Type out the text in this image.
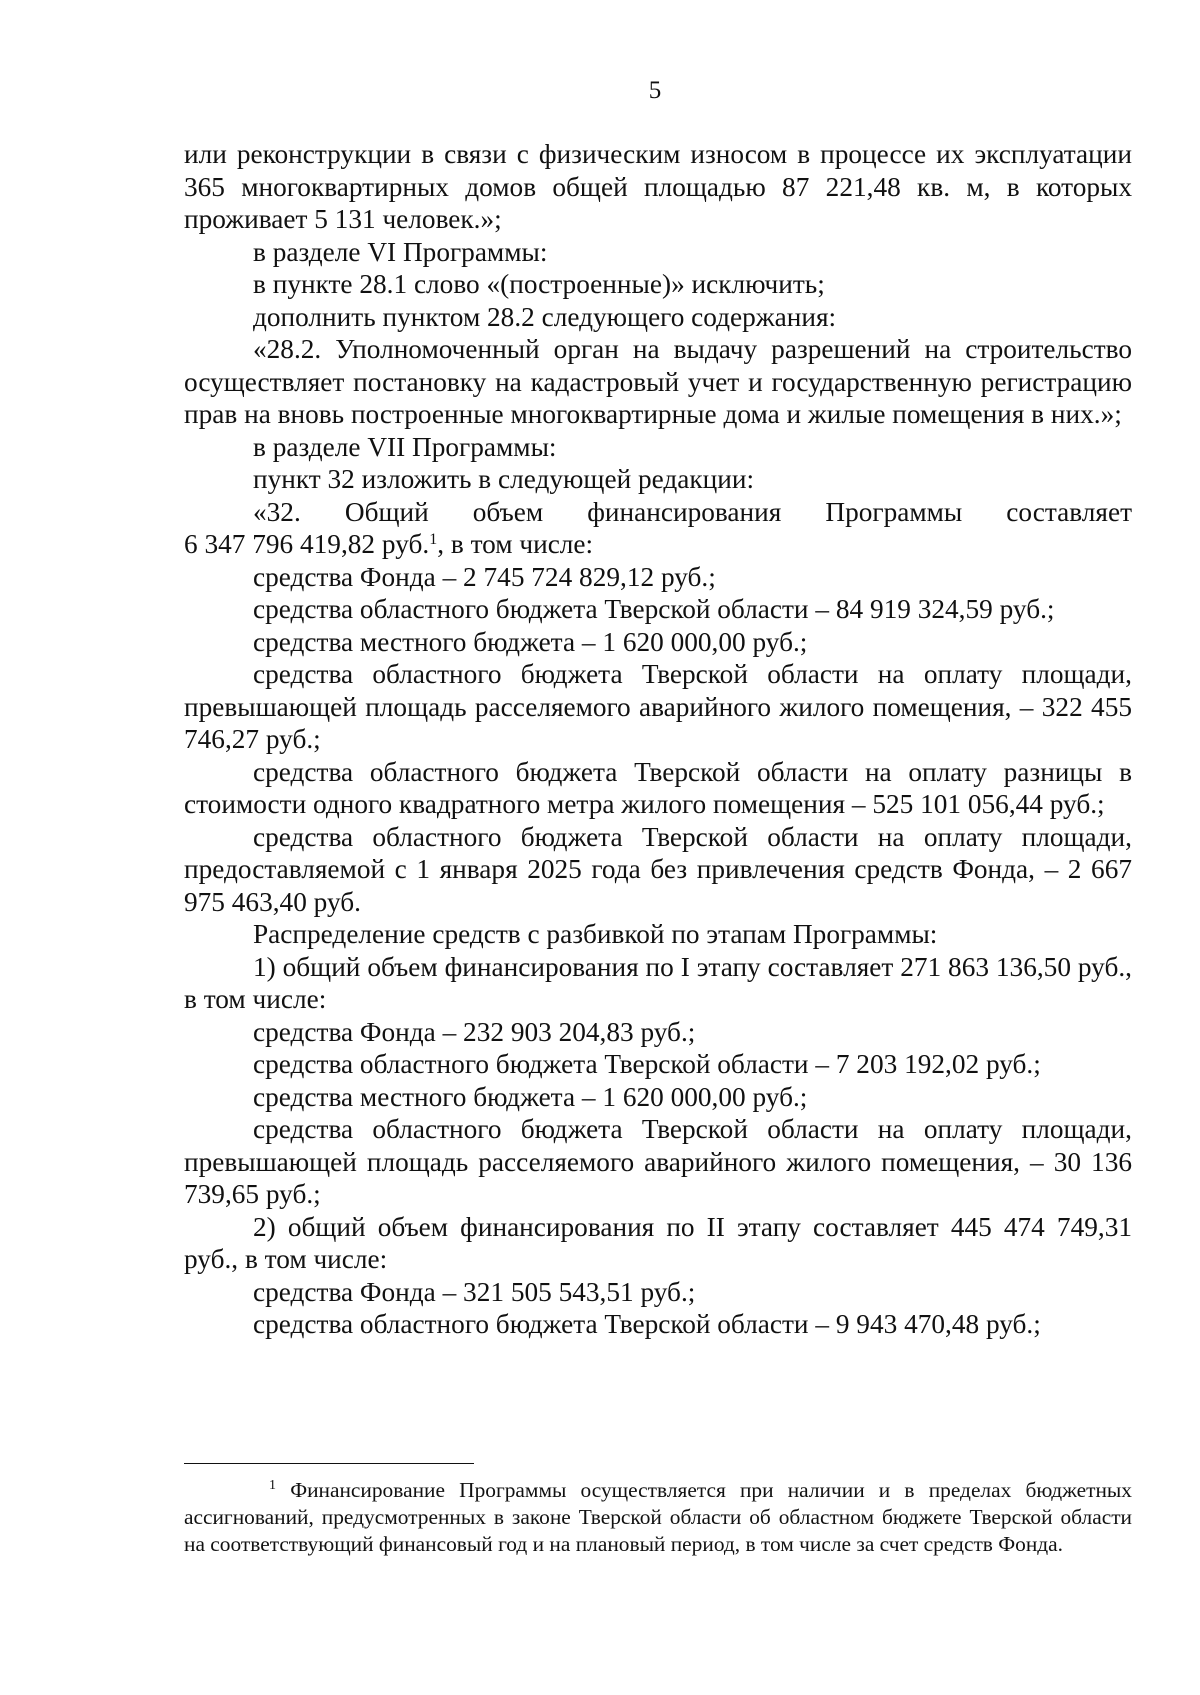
5

или реконструкции в связи с физическим износом в процессе их эксплуатации 365 многоквартирных домов общей площадью 87 221,48 кв. м, в которых проживает 5 131 человек.»;

в разделе VI Программы:

в пункте 28.1 слово «(построенные)» исключить;

дополнить пунктом 28.2 следующего содержания:

«28.2. Уполномоченный орган на выдачу разрешений на строительство осуществляет постановку на кадастровый учет и государственную регистрацию прав на вновь построенные многоквартирные дома и жилые помещения в них.»;

в разделе VII Программы:

пункт 32 изложить в следующей редакции:

«32. Общий объем финансирования Программы составляет

6 347 796 419,82 руб.$^1$, в том числе:

средства Фонда – 2 745 724 829,12 руб.;

средства областного бюджета Тверской области – 84 919 324,59 руб.;

средства местного бюджета – 1 620 000,00 руб.;

средства областного бюджета Тверской области на оплату площади, превышающей площадь расселяемого аварийного жилого помещения, – 322 455 746,27 руб.;

средства областного бюджета Тверской области на оплату разницы в стоимости одного квадратного метра жилого помещения – 525 101 056,44 руб.;

средства областного бюджета Тверской области на оплату площади, предоставляемой с 1 января 2025 года без привлечения средств Фонда, – 2 667 975 463,40 руб.

Распределение средств с разбивкой по этапам Программы:

1) общий объем финансирования по I этапу составляет 271 863 136,50 руб., в том числе:

средства Фонда – 232 903 204,83 руб.;

средства областного бюджета Тверской области – 7 203 192,02 руб.;

средства местного бюджета – 1 620 000,00 руб.;

средства областного бюджета Тверской области на оплату площади, превышающей площадь расселяемого аварийного жилого помещения, – 30 136 739,65 руб.;

2) общий объем финансирования по II этапу составляет 445 474 749,31 руб., в том числе:

средства Фонда – 321 505 543,51 руб.;

средства областного бюджета Тверской области – 9 943 470,48 руб.;

$^1$ Финансирование Программы осуществляется при наличии и в пределах бюджетных ассигнований, предусмотренных в законе Тверской области об областном бюджете Тверской области на соответствующий финансовый год и на плановый период, в том числе за счет средств Фонда.
